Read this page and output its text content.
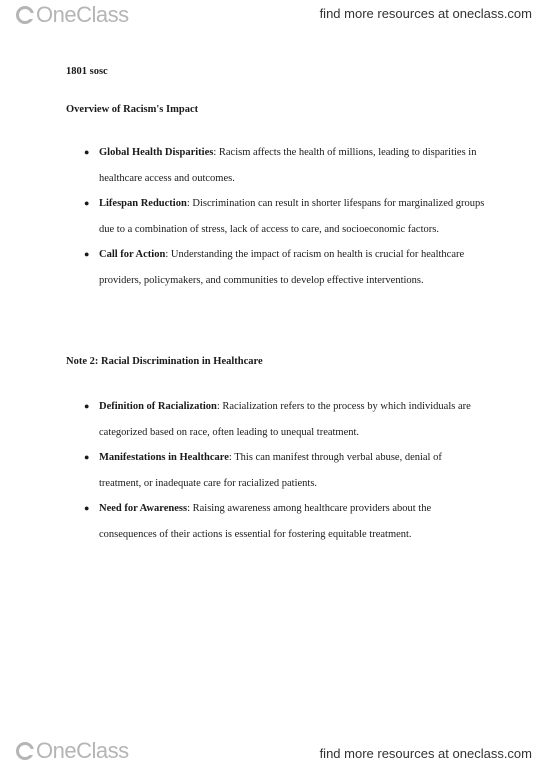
OneClass	find more resources at oneclass.com

1801 sosc

Overview of Racism's Impact

● Global Health Disparities: Racism affects the health of millions, leading to disparities in healthcare access and outcomes.
● Lifespan Reduction: Discrimination can result in shorter lifespans for marginalized groups due to a combination of stress, lack of access to care, and socioeconomic factors.
● Call for Action: Understanding the impact of racism on health is crucial for healthcare providers, policymakers, and communities to develop effective interventions.

Note 2: Racial Discrimination in Healthcare

● Definition of Racialization: Racialization refers to the process by which individuals are categorized based on race, often leading to unequal treatment.
● Manifestations in Healthcare: This can manifest through verbal abuse, denial of treatment, or inadequate care for racialized patients.
● Need for Awareness: Raising awareness among healthcare providers about the consequences of their actions is essential for fostering equitable treatment.
OneClass	find more resources at oneclass.com
